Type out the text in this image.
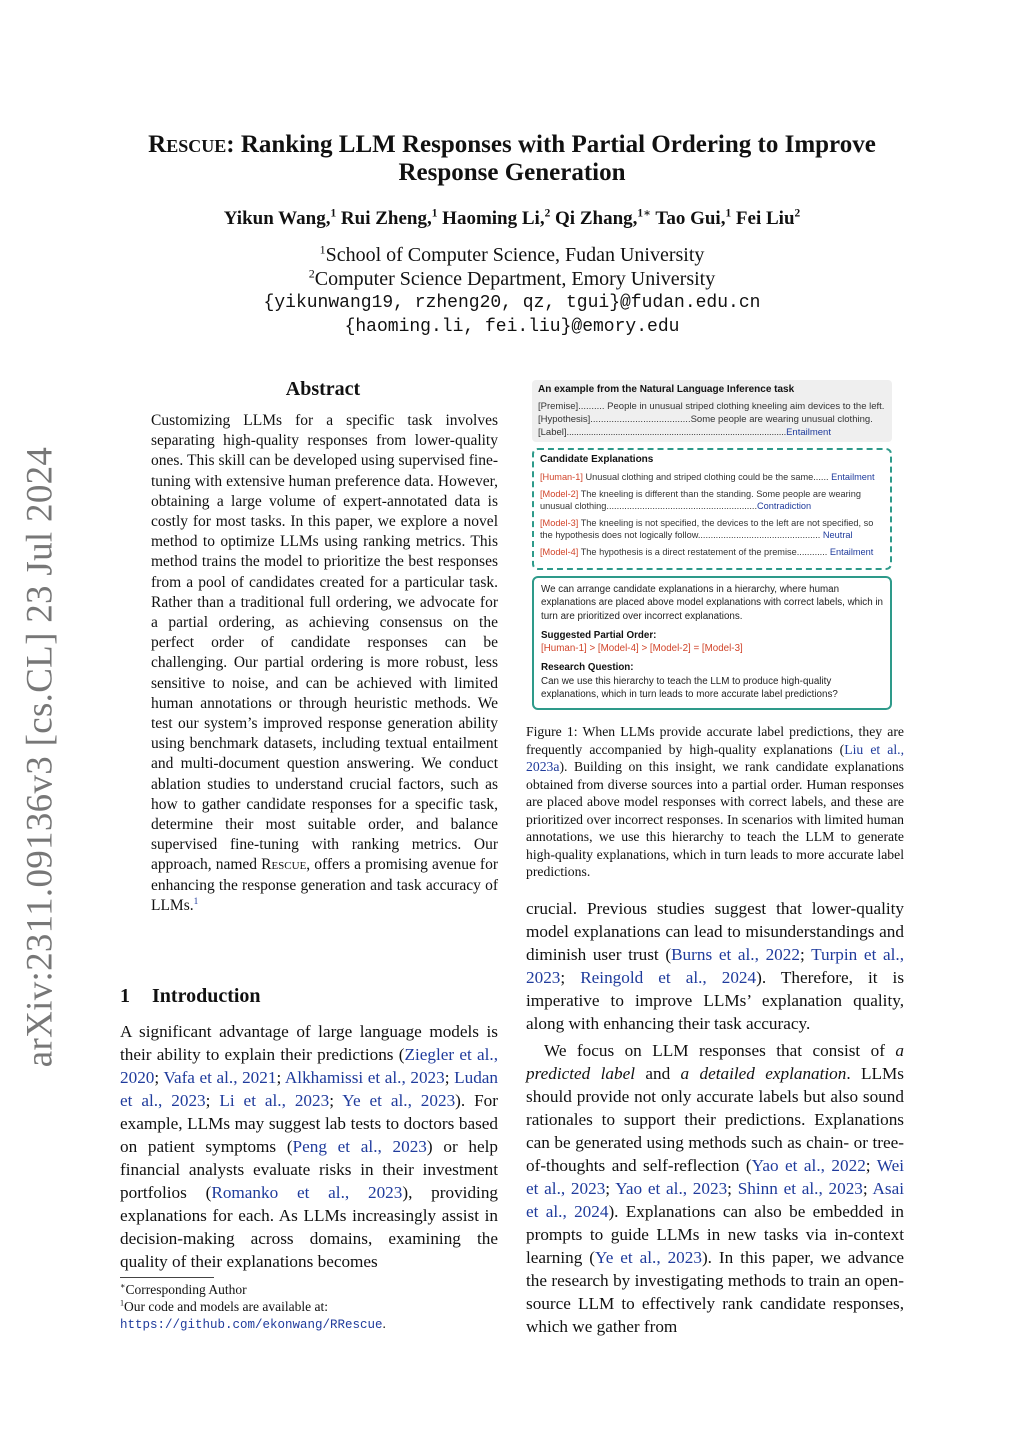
arXiv:2311.09136v3 [cs.CL] 23 Jul 2024
Rescue: Ranking LLM Responses with Partial Ordering to Improve
Response Generation
Yikun Wang,$^1$ Rui Zheng,$^1$ Haoming Li,$^2$ Qi Zhang,$^{1∗}$ Tao Gui,$^1$ Fei Liu$^2$
$^1$School of Computer Science, Fudan University
$^2$Computer Science Department, Emory University
{yikunwang19, rzheng20, qz, tgui}@fudan.edu.cn
{haoming.li, fei.liu}@emory.edu
Abstract
Customizing LLMs for a specific task involves separating high-quality responses from lower-quality ones. This skill can be developed using supervised fine-tuning with extensive human preference data. However, obtaining a large volume of expert-annotated data is costly for most tasks. In this paper, we explore a novel method to optimize LLMs using ranking metrics. This method trains the model to prioritize the best responses from a pool of candidates created for a particular task. Rather than a traditional full ordering, we advocate for a partial ordering, as achieving consensus on the perfect order of candidate responses can be challenging. Our partial ordering is more robust, less sensitive to noise, and can be achieved with limited human annotations or through heuristic methods. We test our system’s improved response generation ability using benchmark datasets, including textual entailment and multi-document question answering. We conduct ablation studies to understand crucial factors, such as how to gather candidate responses for a specific task, determine their most suitable order, and balance supervised fine-tuning with ranking metrics. Our approach, named Rescue, offers a promising avenue for enhancing the response generation and task accuracy of LLMs.$^1$
1 Introduction
A significant advantage of large language models is their ability to explain their predictions (Ziegler et al., 2020; Vafa et al., 2021; Alkhamissi et al., 2023; Ludan et al., 2023; Li et al., 2023; Ye et al., 2023). For example, LLMs may suggest lab tests to doctors based on patient symptoms (Peng et al., 2023) or help financial analysts evaluate risks in their investment portfolios (Romanko et al., 2023), providing explanations for each. As LLMs increasingly assist in decision-making across domains, examining the quality of their explanations becomes
∗Corresponding Author
$^1$Our code and models are available at: https://github.com/ekonwang/RRescue.
An example from the Natural Language Inference task
[Premise].......... People in unusual striped clothing kneeling aim devices to the left.
[Hypothesis]......................................Some people are wearing unusual clothing.
[Label]..........................................................................................Entailment
Candidate Explanations
[Human-1] Unusual clothing and striped clothing could be the same...... Entailment
[Model-2] The kneeling is different than the standing. Some people are wearing unusual clothing...........................................................Contradiction
[Model-3] The kneeling is not specified, the devices to the left are not specified, so the hypothesis does not logically follow................................................ Neutral
[Model-4] The hypothesis is a direct restatement of the premise............ Entailment
We can arrange candidate explanations in a hierarchy, where human explanations are placed above model explanations with correct labels, which in turn are prioritized over incorrect explanations.
Suggested Partial Order:
[Human-1] > [Model-4] > [Model-2] = [Model-3]
Research Question:
Can we use this hierarchy to teach the LLM to produce high-quality explanations, which in turn leads to more accurate label predictions?
Figure 1: When LLMs provide accurate label predictions, they are frequently accompanied by high-quality explanations (Liu et al., 2023a). Building on this insight, we rank candidate explanations obtained from diverse sources into a partial order. Human responses are placed above model responses with correct labels, and these are prioritized over incorrect responses. In scenarios with limited human annotations, we use this hierarchy to teach the LLM to generate high-quality explanations, which in turn leads to more accurate label predictions.
crucial. Previous studies suggest that lower-quality model explanations can lead to misunderstandings and diminish user trust (Burns et al., 2022; Turpin et al., 2023; Reingold et al., 2024). Therefore, it is imperative to improve LLMs’ explanation quality, along with enhancing their task accuracy.
We focus on LLM responses that consist of a predicted label and a detailed explanation. LLMs should provide not only accurate labels but also sound rationales to support their predictions. Explanations can be generated using methods such as chain- or tree-of-thoughts and self-reflection (Yao et al., 2022; Wei et al., 2023; Yao et al., 2023; Shinn et al., 2023; Asai et al., 2024). Explanations can also be embedded in prompts to guide LLMs in new tasks via in-context learning (Ye et al., 2023). In this paper, we advance the research by investigating methods to train an open-source LLM to effectively rank candidate responses, which we gather from
